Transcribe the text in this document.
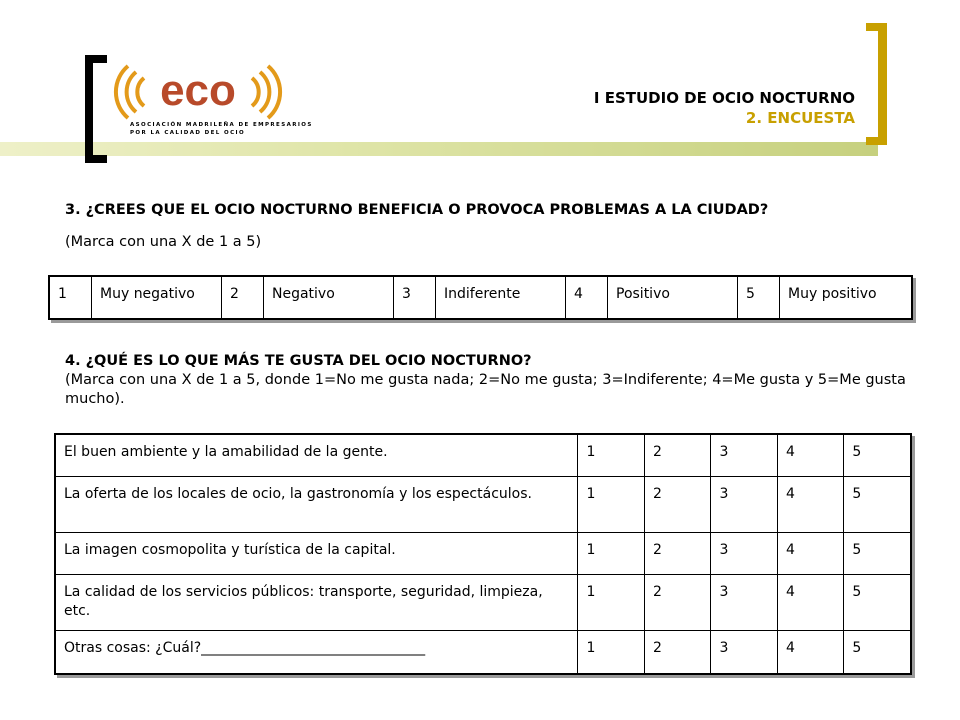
eco
ASOCIACIÓN MADRILEÑA DE EMPRESARIOS
POR LA CALIDAD DEL OCIO
I ESTUDIO DE OCIO NOCTURNO
2. ENCUESTA
3. ¿CREES QUE EL OCIO NOCTURNO BENEFICIA O PROVOCA PROBLEMAS A LA CIUDAD?
(Marca con una X de 1 a 5)
1	Muy negativo	2	Negativo	3	Indiferente	4	Positivo	5	Muy positivo
4. ¿QUÉ ES LO QUE MÁS TE GUSTA DEL OCIO NOCTURNO?
(Marca con una X de 1 a 5, donde 1=No me gusta nada; 2=No me gusta; 3=Indiferente; 4=Me gusta y 5=Me gusta mucho).
El buen ambiente y la amabilidad de la gente.	1	2	3	4	5
La oferta de los locales de ocio, la gastronomía y los espectáculos.	1	2	3	4	5
La imagen cosmopolita y turística de la capital.	1	2	3	4	5
La calidad de los servicios públicos: transporte, seguridad, limpieza, etc.	1	2	3	4	5
Otras cosas: ¿Cuál?________________________________	1	2	3	4	5
